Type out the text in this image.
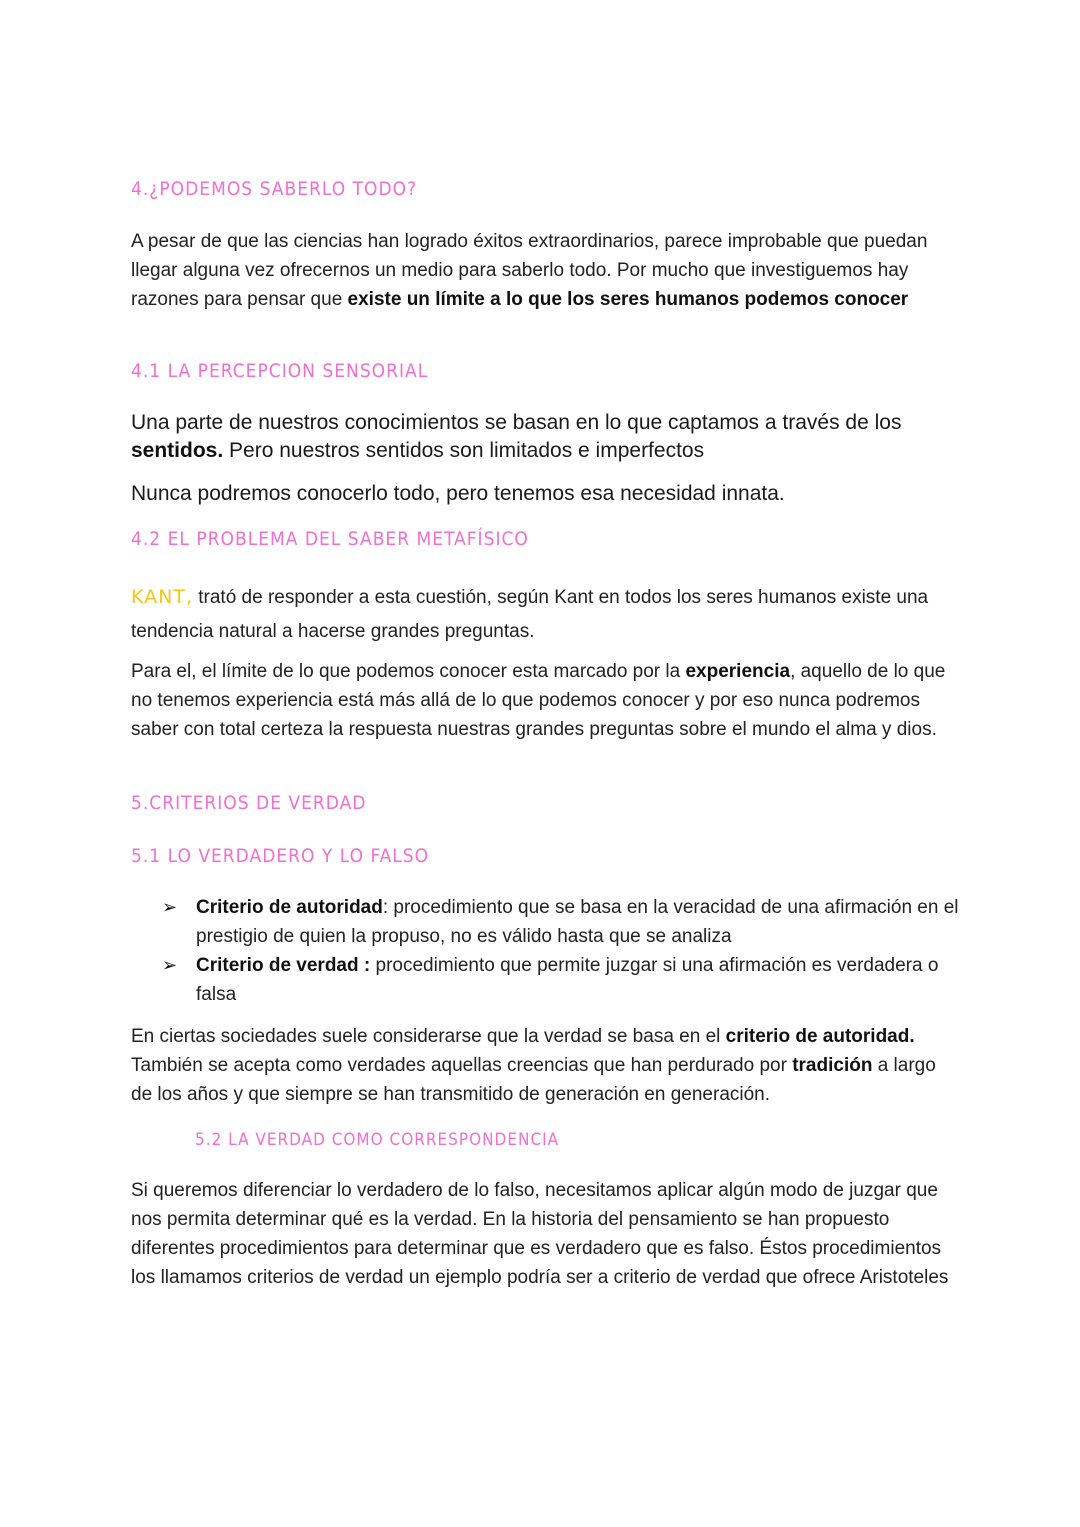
4.¿PODEMOS SABERLO TODO?

A pesar de que las ciencias han logrado éxitos extraordinarios, parece improbable que puedan llegar alguna vez ofrecernos un medio para saberlo todo. Por mucho que investiguemos hay razones para pensar que existe un límite a lo que los seres humanos podemos conocer

4.1 LA PERCEPCION SENSORIAL

Una parte de nuestros conocimientos se basan en lo que captamos a través de los sentidos. Pero nuestros sentidos son limitados e imperfectos

Nunca podremos conocerlo todo, pero tenemos esa necesidad innata.

4.2 EL PROBLEMA DEL SABER METAFÍSICO

KANT, trató de responder a esta cuestión, según Kant en todos los seres humanos existe una tendencia natural a hacerse grandes preguntas.

Para el, el límite de lo que podemos conocer esta marcado por la experiencia, aquello de lo que no tenemos experiencia está más allá de lo que podemos conocer y por eso nunca podremos saber con total certeza la respuesta nuestras grandes preguntas sobre el mundo el alma y dios.

5.CRITERIOS DE VERDAD
5.1 LO VERDADERO Y LO FALSO
➢ Criterio de autoridad: procedimiento que se basa en la veracidad de una afirmación en el prestigio de quien la propuso, no es válido hasta que se analiza
➢ Criterio de verdad : procedimiento que permite juzgar si una afirmación es verdadera o falsa

En ciertas sociedades suele considerarse que la verdad se basa en el criterio de autoridad. También se acepta como verdades aquellas creencias que han perdurado por tradición a largo de los años y que siempre se han transmitido de generación en generación.

5.2 LA VERDAD COMO CORRESPONDENCIA

Si queremos diferenciar lo verdadero de lo falso, necesitamos aplicar algún modo de juzgar que nos permita determinar qué es la verdad. En la historia del pensamiento se han propuesto diferentes procedimientos para determinar que es verdadero que es falso. Éstos procedimientos los llamamos criterios de verdad un ejemplo podría ser a criterio de verdad que ofrece Aristoteles
